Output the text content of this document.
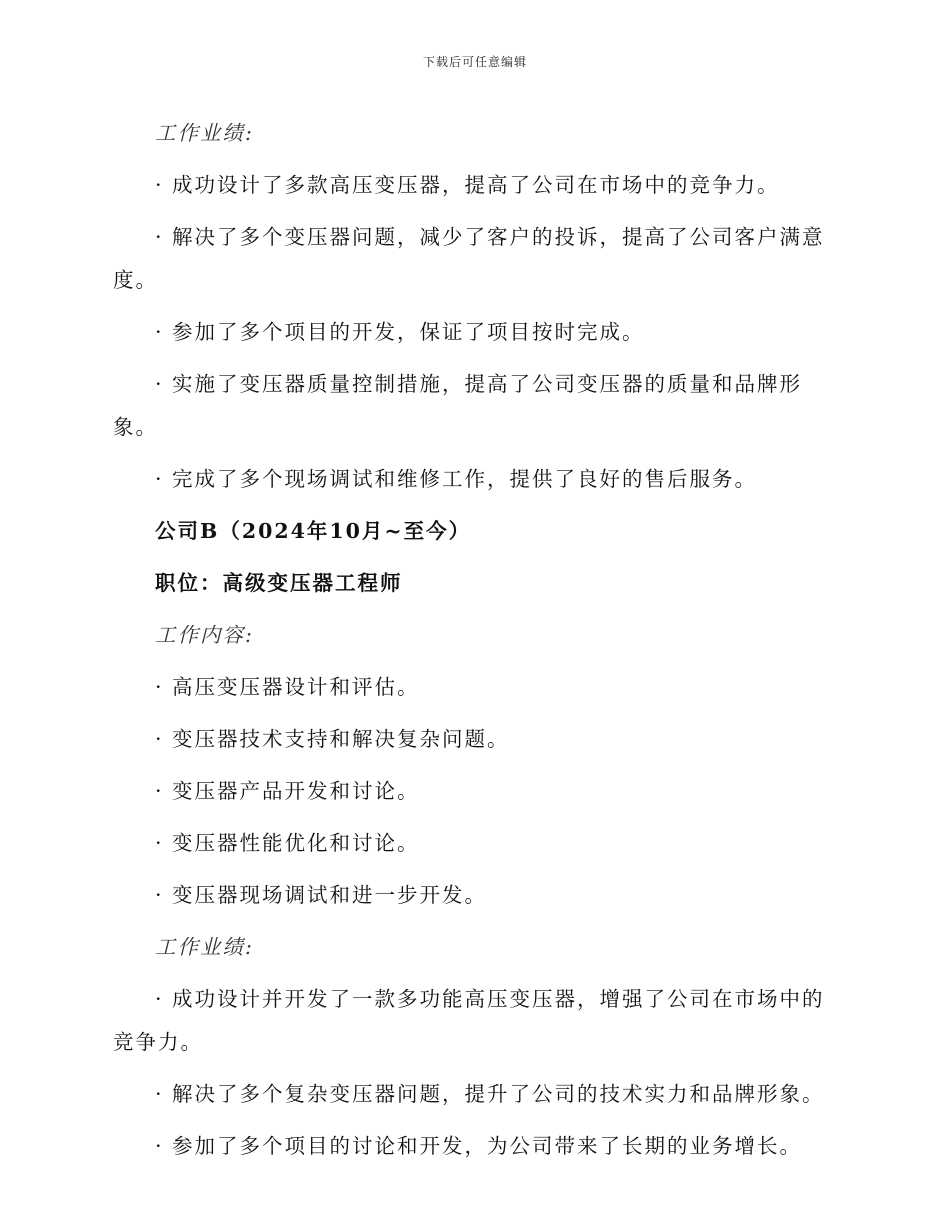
下载后可任意编辑
工作业绩:
· 成功设计了多款高压变压器，提高了公司在市场中的竞争力。
· 解决了多个变压器问题，减少了客户的投诉，提高了公司客户满意度。
· 参加了多个项目的开发，保证了项目按时完成。
· 实施了变压器质量控制措施，提高了公司变压器的质量和品牌形象。
· 完成了多个现场调试和维修工作，提供了良好的售后服务。
公司B（2024年10月~至今）
职位：高级变压器工程师
工作内容:
· 高压变压器设计和评估。
· 变压器技术支持和解决复杂问题。
· 变压器产品开发和讨论。
· 变压器性能优化和讨论。
· 变压器现场调试和进一步开发。
工作业绩:
· 成功设计并开发了一款多功能高压变压器，增强了公司在市场中的竞争力。
· 解决了多个复杂变压器问题，提升了公司的技术实力和品牌形象。
· 参加了多个项目的讨论和开发，为公司带来了长期的业务增长。
